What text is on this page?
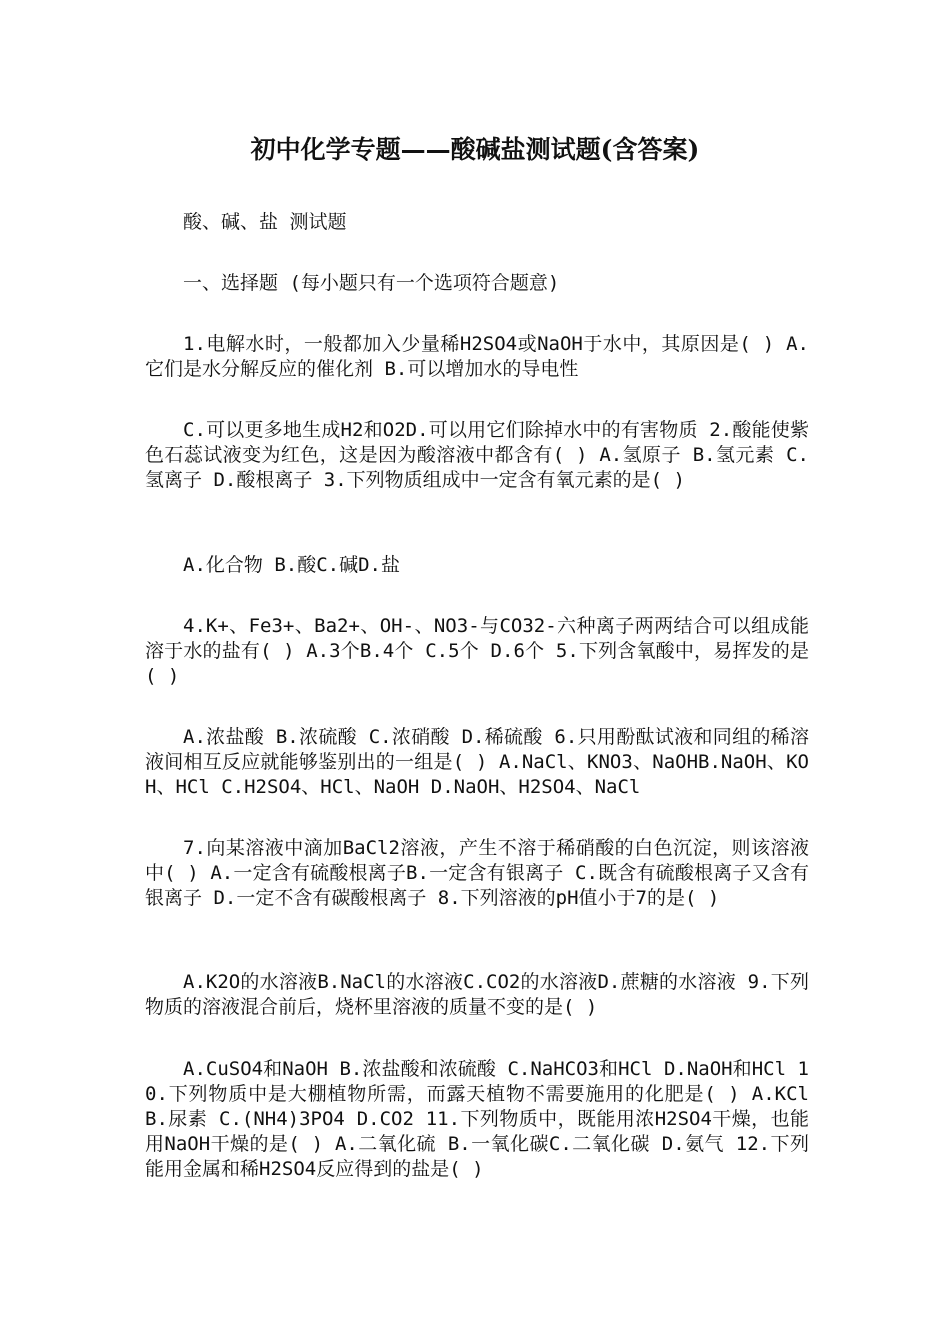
初中化学专题——酸碱盐测试题(含答案)

酸、碱、盐 测试题

一、选择题 (每小题只有一个选项符合题意)

1.电解水时，一般都加入少量稀H2SO4或NaOH于水中，其原因是( ) A.它们是水分解反应的催化剂 B.可以增加水的导电性

C.可以更多地生成H2和O2D.可以用它们除掉水中的有害物质 2.酸能使紫色石蕊试液变为红色，这是因为酸溶液中都含有( ) A.氢原子 B.氢元素 C.氢离子 D.酸根离子 3.下列物质组成中一定含有氧元素的是( )

A.化合物 B.酸C.碱D.盐

4.K+、Fe3+、Ba2+、OH-、NO3-与CO32-六种离子两两结合可以组成能溶于水的盐有( ) A.3个B.4个 C.5个 D.6个 5.下列含氧酸中，易挥发的是( )

A.浓盐酸 B.浓硫酸 C.浓硝酸 D.稀硫酸 6.只用酚酞试液和同组的稀溶液间相互反应就能够鉴别出的一组是( ) A.NaCl、KNO3、NaOHB.NaOH、KOH、HCl C.H2SO4、HCl、NaOH D.NaOH、H2SO4、NaCl

7.向某溶液中滴加BaCl2溶液，产生不溶于稀硝酸的白色沉淀，则该溶液中( ) A.一定含有硫酸根离子B.一定含有银离子 C.既含有硫酸根离子又含有银离子 D.一定不含有碳酸根离子 8.下列溶液的pH值小于7的是( )

A.K2O的水溶液B.NaCl的水溶液C.CO2的水溶液D.蔗糖的水溶液 9.下列物质的溶液混合前后，烧杯里溶液的质量不变的是( )

A.CuSO4和NaOH B.浓盐酸和浓硫酸 C.NaHCO3和HCl D.NaOH和HCl 10.下列物质中是大棚植物所需，而露天植物不需要施用的化肥是( ) A.KCl B.尿素 C.(NH4)3PO4 D.CO2 11.下列物质中，既能用浓H2SO4干燥，也能用NaOH干燥的是( ) A.二氧化硫 B.一氧化碳C.二氧化碳 D.氨气 12.下列能用金属和稀H2SO4反应得到的盐是( )
